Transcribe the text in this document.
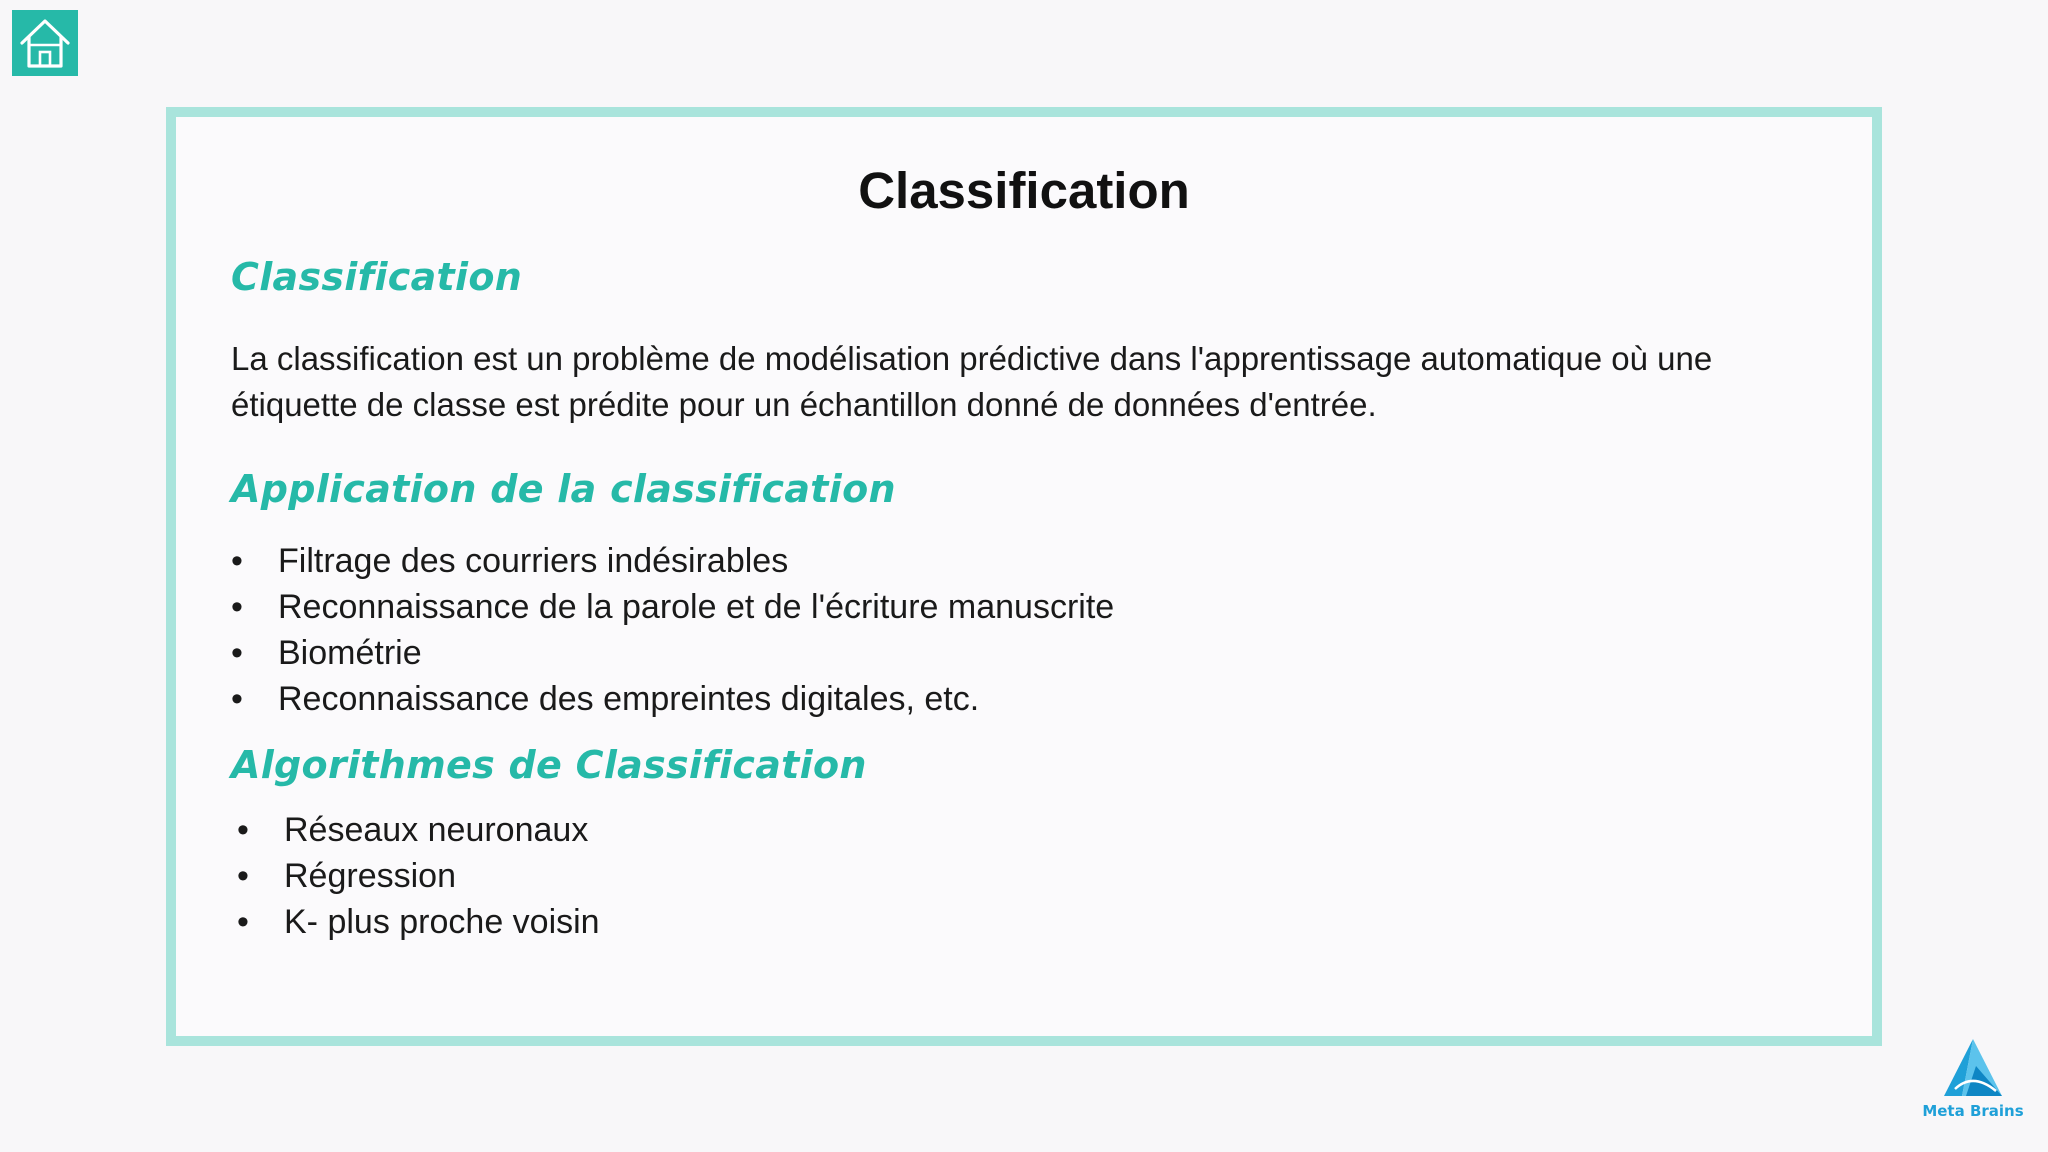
Classification
Classification

La classification est un problème de modélisation prédictive dans l'apprentissage automatique où une étiquette de classe est prédite pour un échantillon donné de données d'entrée.

Application de la classification
• Filtrage des courriers indésirables
• Reconnaissance de la parole et de l'écriture manuscrite
• Biométrie
• Reconnaissance des empreintes digitales, etc.
Algorithmes de Classification
• Réseaux neuronaux
• Régression
• K- plus proche voisin
Meta Brains
